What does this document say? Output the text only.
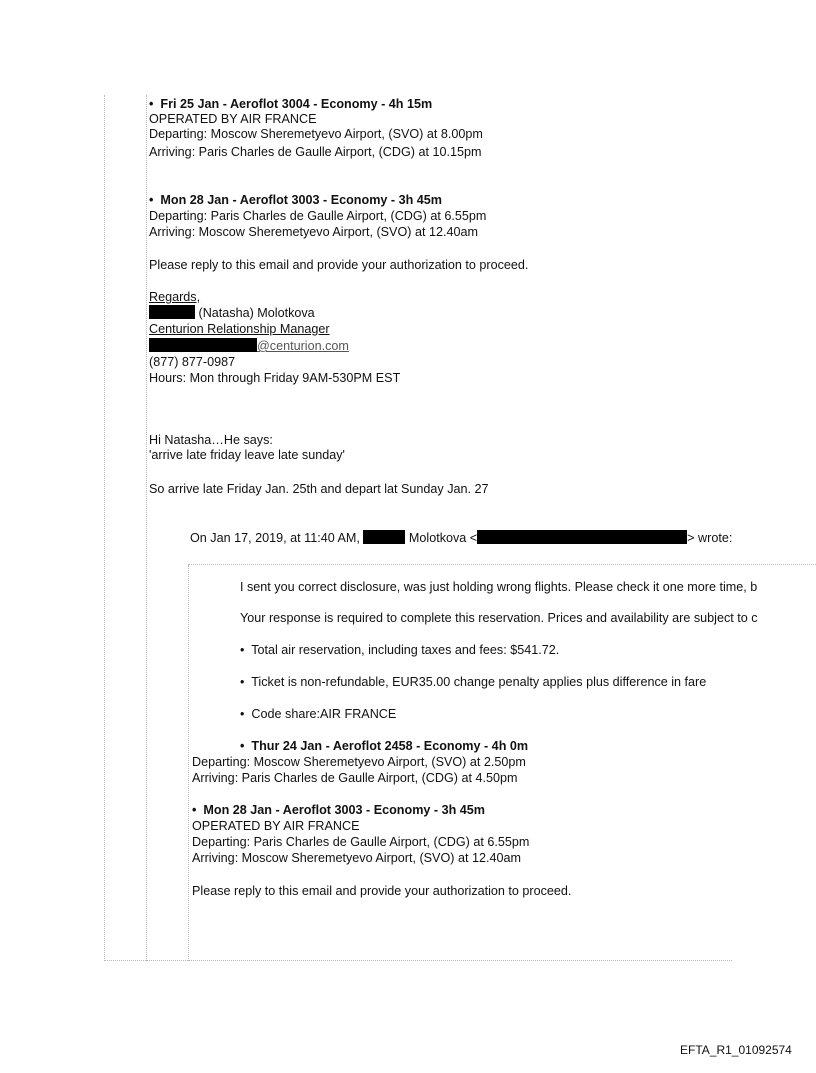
• Fri 25 Jan - Aeroflot 3004 - Economy - 4h 15m
OPERATED BY AIR FRANCE
Departing: Moscow Sheremetyevo Airport, (SVO) at 8.00pm
Arriving: Paris Charles de Gaulle Airport, (CDG) at 10.15pm
• Mon 28 Jan - Aeroflot 3003 - Economy - 3h 45m
Departing: Paris Charles de Gaulle Airport, (CDG) at 6.55pm
Arriving: Moscow Sheremetyevo Airport, (SVO) at 12.40am
Please reply to this email and provide your authorization to proceed.
Regards,
(Natasha) Molotkova
Centurion Relationship Manager
@centurion.com
(877) 877-0987
Hours: Mon through Friday 9AM-530PM EST
Hi Natasha…He says:
'arrive late friday leave late sunday'
So arrive late Friday Jan. 25th and depart lat Sunday Jan. 27
On Jan 17, 2019, at 11:40 AM,	Molotkova <	> wrote:
I sent you correct disclosure, was just holding wrong flights. Please check it one more time, b
Your response is required to complete this reservation. Prices and availability are subject to c
• Total air reservation, including taxes and fees: $541.72.
• Ticket is non-refundable, EUR35.00 change penalty applies plus difference in fare
• Code share:AIR FRANCE
• Thur 24 Jan - Aeroflot 2458 - Economy - 4h 0m
Departing: Moscow Sheremetyevo Airport, (SVO) at 2.50pm
Arriving: Paris Charles de Gaulle Airport, (CDG) at 4.50pm
• Mon 28 Jan - Aeroflot 3003 - Economy - 3h 45m
OPERATED BY AIR FRANCE
Departing: Paris Charles de Gaulle Airport, (CDG) at 6.55pm
Arriving: Moscow Sheremetyevo Airport, (SVO) at 12.40am
Please reply to this email and provide your authorization to proceed.
EFTA_R1_01092574
